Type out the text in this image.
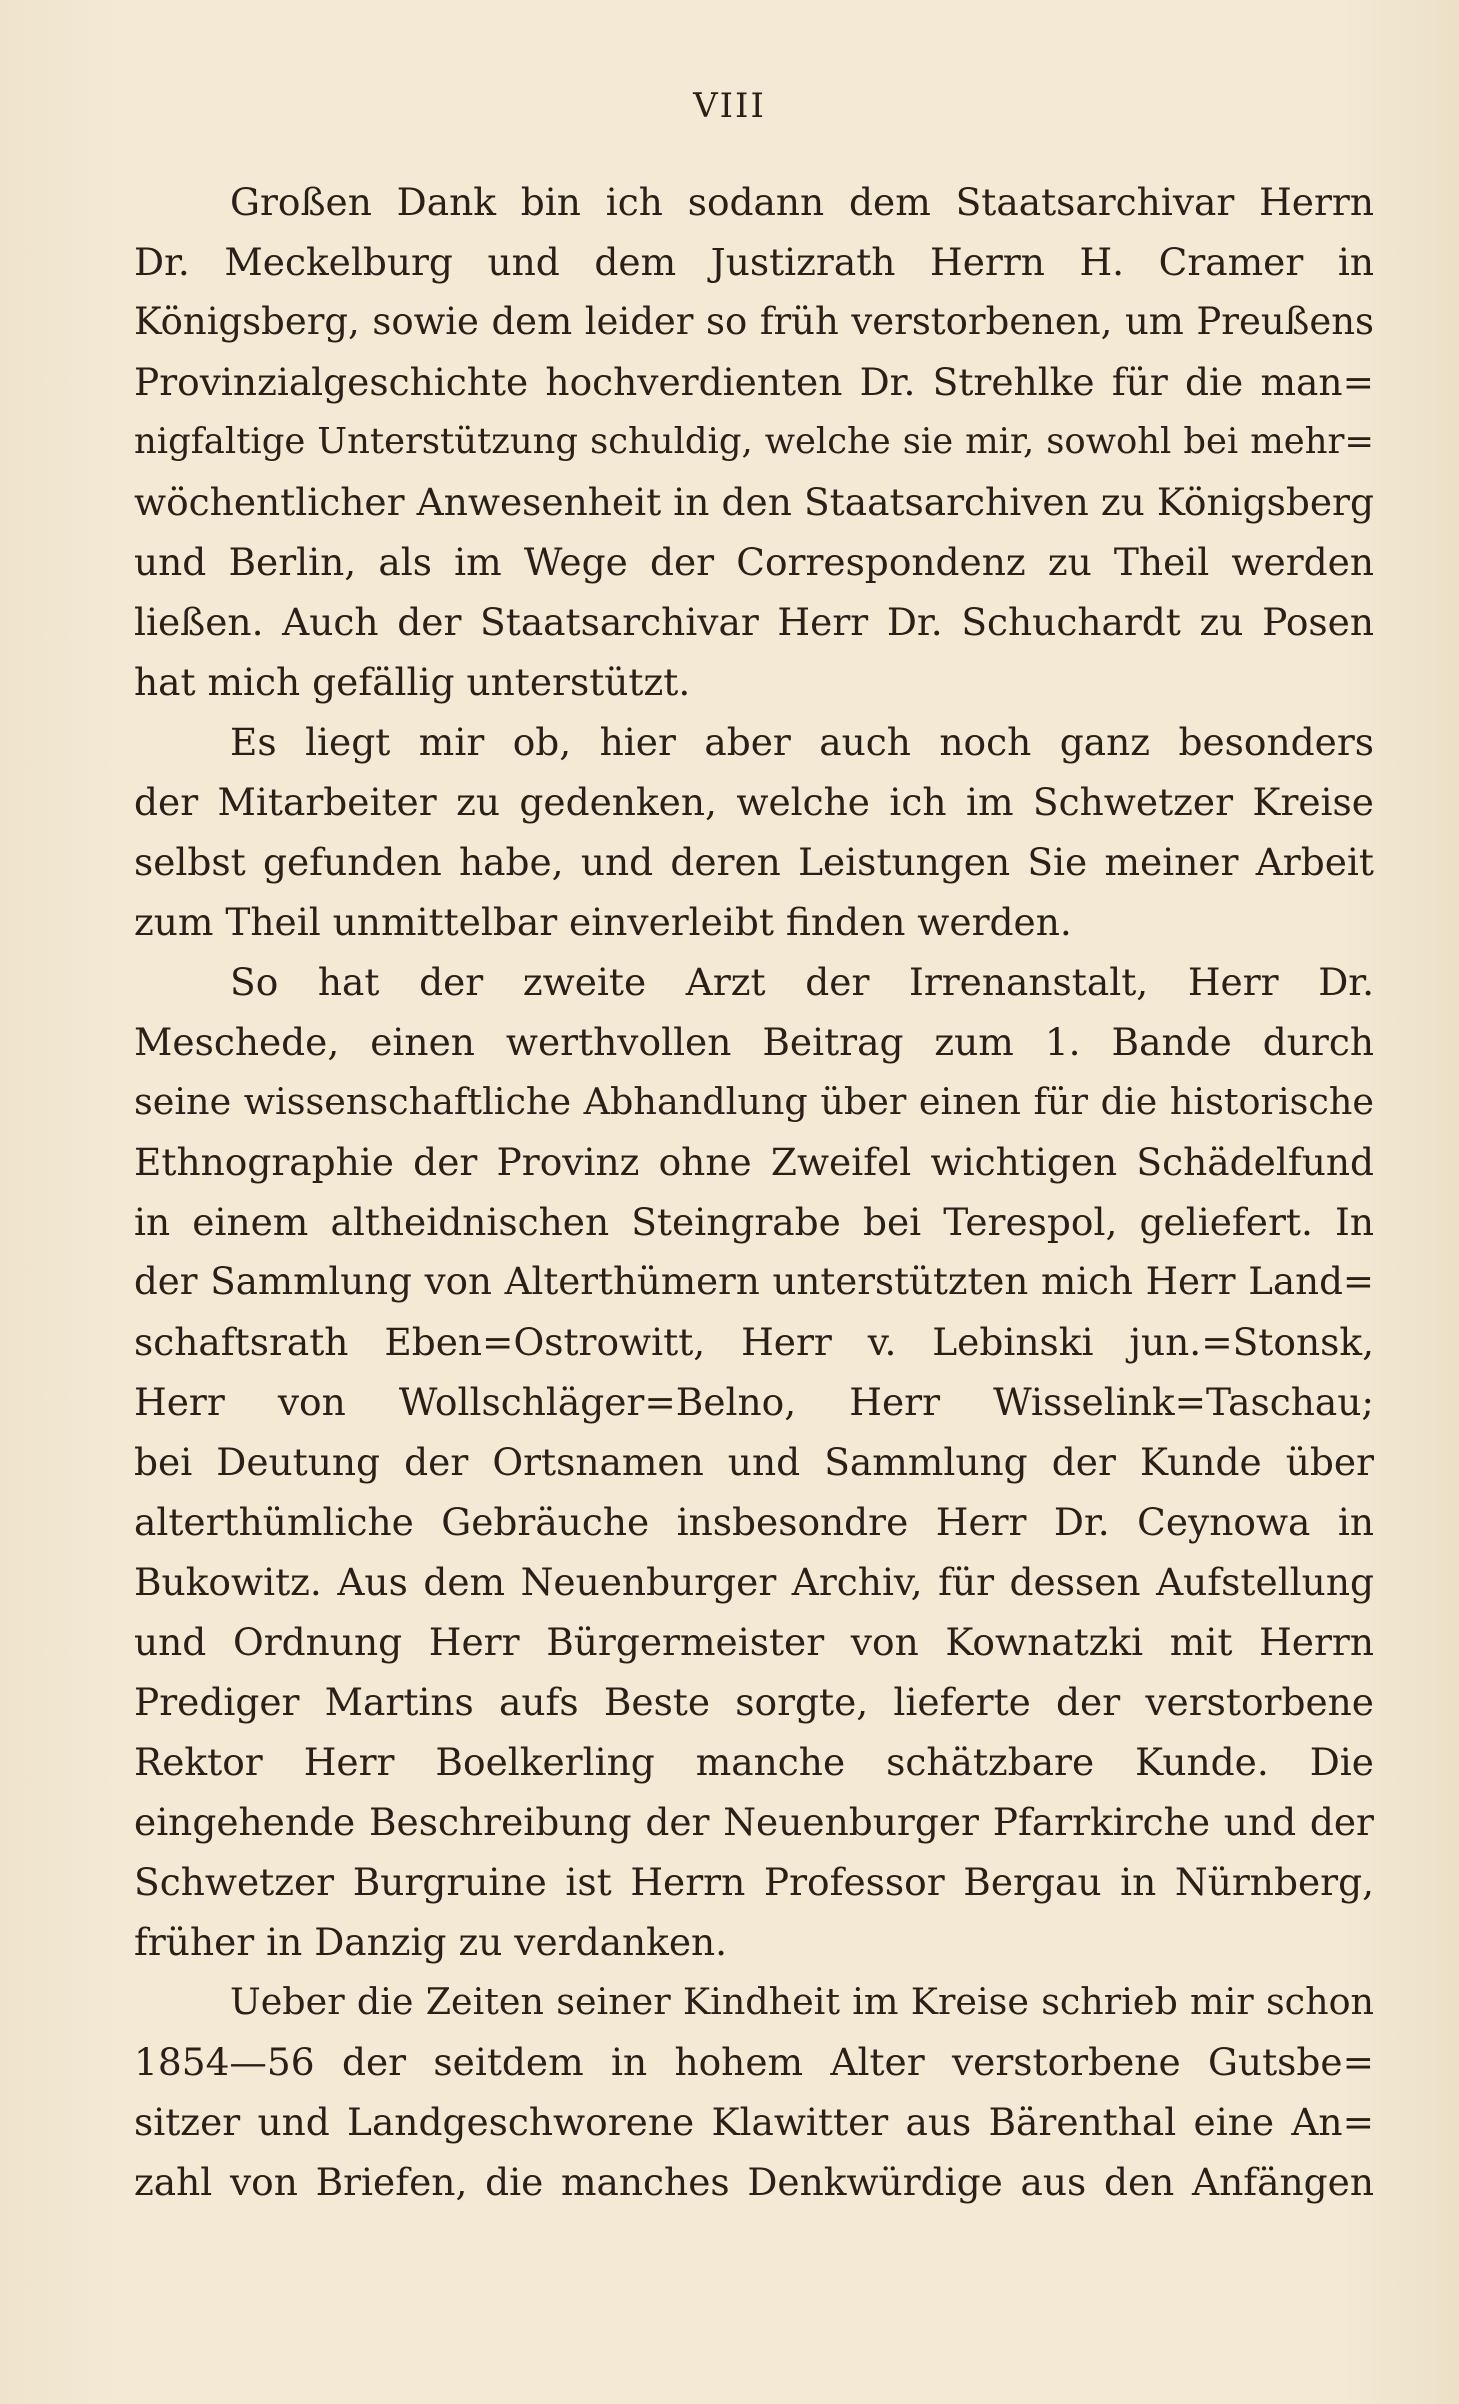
VIII
Großen Dank bin ich sodann dem Staatsarchivar Herrn
Dr. Meckelburg und dem Justizrath Herrn H. Cramer in
Königsberg, sowie dem leider so früh verstorbenen, um Preußens
Provinzialgeschichte hochverdienten Dr. Strehlke für die man=
nigfaltige Unterstützung schuldig, welche sie mir, sowohl bei mehr=
wöchentlicher Anwesenheit in den Staatsarchiven zu Königsberg
und Berlin, als im Wege der Correspondenz zu Theil werden
ließen. Auch der Staatsarchivar Herr Dr. Schuchardt zu Posen
hat mich gefällig unterstützt.
Es liegt mir ob, hier aber auch noch ganz besonders
der Mitarbeiter zu gedenken, welche ich im Schwetzer Kreise
selbst gefunden habe, und deren Leistungen Sie meiner Arbeit
zum Theil unmittelbar einverleibt finden werden.
So hat der zweite Arzt der Irrenanstalt, Herr Dr.
Meschede, einen werthvollen Beitrag zum 1. Bande durch
seine wissenschaftliche Abhandlung über einen für die historische
Ethnographie der Provinz ohne Zweifel wichtigen Schädelfund
in einem altheidnischen Steingrabe bei Terespol, geliefert. In
der Sammlung von Alterthümern unterstützten mich Herr Land=
schaftsrath Eben=Ostrowitt, Herr v. Lebinski jun.=Stonsk,
Herr von Wollschläger=Belno, Herr Wisselink=Taschau;
bei Deutung der Ortsnamen und Sammlung der Kunde über
alterthümliche Gebräuche insbesondre Herr Dr. Ceynowa in
Bukowitz. Aus dem Neuenburger Archiv, für dessen Aufstellung
und Ordnung Herr Bürgermeister von Kownatzki mit Herrn
Prediger Martins aufs Beste sorgte, lieferte der verstorbene
Rektor Herr Boelkerling manche schätzbare Kunde. Die
eingehende Beschreibung der Neuenburger Pfarrkirche und der
Schwetzer Burgruine ist Herrn Professor Bergau in Nürnberg,
früher in Danzig zu verdanken.
Ueber die Zeiten seiner Kindheit im Kreise schrieb mir schon
1854—56 der seitdem in hohem Alter verstorbene Gutsbe=
sitzer und Landgeschworene Klawitter aus Bärenthal eine An=
zahl von Briefen, die manches Denkwürdige aus den Anfängen
